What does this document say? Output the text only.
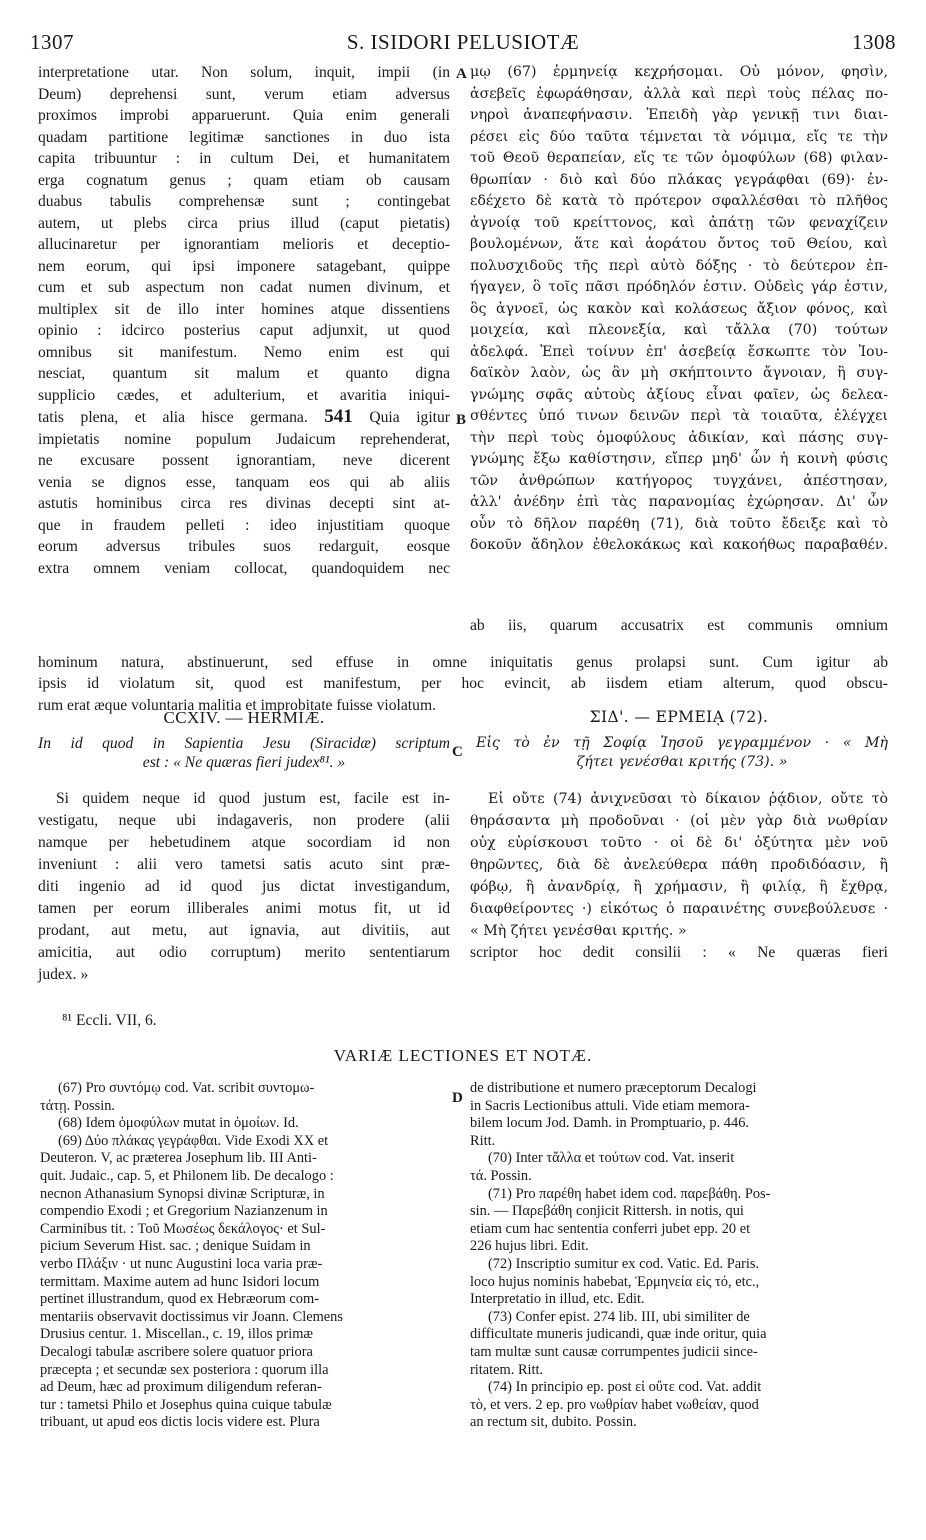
1307	S. ISIDORI PELUSIOTÆ	1308

interpretatione utar. Non solum, inquit, impii (in

Deum) deprehensi sunt, verum etiam adversus

proximos improbi apparuerunt. Quia enim generali

quadam partitione legitimæ sanctiones in duo ista

capita tribuuntur : in cultum Dei, et humanitatem

erga cognatum genus ; quam etiam ob causam

duabus tabulis comprehensæ sunt ; contingebat

autem, ut plebs circa prius illud (caput pietatis)

allucinaretur per ignorantiam melioris et deceptio-

nem eorum, qui ipsi imponere satagebant, quippe

cum et sub aspectum non cadat numen divinum, et

multiplex sit de illo inter homines atque dissentiens

opinio : idcirco posterius caput adjunxit, ut quod

omnibus sit manifestum. Nemo enim est qui

nesciat, quantum sit malum et quanto digna

supplicio cædes, et adulterium, et avaritia iniqui-

tatis plena, et alia hisce germana. 541 Quia igitur

impietatis nomine populum Judaicum reprehenderat,

ne excusare possent ignorantiam, neve dicerent

venia se dignos esse, tanquam eos qui ab aliis

astutis hominibus circa res divinas decepti sint at-

que in fraudem pelleti : ideo injustitiam quoque

eorum adversus tribules suos redarguit, eosque

extra omnem veniam collocat, quandoquidem nec

A
B
C
D

μῳ (67) ἑρμηνείᾳ κεχρήσομαι. Οὐ μόνον, φησὶν,

ἀσεβεῖς ἐφωράθησαν, ἀλλὰ καὶ περὶ τοὺς πέλας πο-

νηροὶ ἀναπεφήνασιν. Ἐπειδὴ γὰρ γενικῇ τινι διαι-

ρέσει εἰς δύο ταῦτα τέμνεται τὰ νόμιμα, εἴς τε τὴν

τοῦ Θεοῦ θεραπείαν, εἴς τε τῶν ὁμοφύλων (68) φιλαν-

θρωπίαν · διὸ καὶ δύο πλάκας γεγράφθαι (69)· ἐν-

εδέχετο δὲ κατὰ τὸ πρότερον σφαλλέσθαι τὸ πλῆθος

ἀγνοίᾳ τοῦ κρείττονος, καὶ ἀπάτῃ τῶν φεναχίζειν

βουλομένων, ἅτε καὶ ἀοράτου ὄντος τοῦ Θείου, καὶ

πολυσχιδοῦς τῆς περὶ αὐτὸ δόξης · τὸ δεύτερον ἐπ-

ήγαγεν, ὃ τοῖς πᾶσι πρόδηλόν ἐστιν. Οὐδεὶς γάρ ἐστιν,

ὃς ἀγνοεῖ, ὡς κακὸν καὶ κολάσεως ἄξιον φόνος, καὶ

μοιχεία, καὶ πλεονεξία, καὶ τἄλλα (70) τούτων

ἀδελφά. Ἐπεὶ τοίνυν ἐπ' ἀσεβείᾳ ἔσκωπτε τὸν Ἰου-

δαϊκὸν λαὸν, ὡς ἂν μὴ σκήπτοιντο ἄγνοιαν, ἢ συγ-

γνώμης σφᾶς αὐτοὺς ἀξίους εἶναι φαῖεν, ὡς δελεα-

σθέντες ὑπό τινων δεινῶν περὶ τὰ τοιαῦτα, ἐλέγχει

τὴν περὶ τοὺς ὁμοφύλους ἀδικίαν, καὶ πάσης συγ-

γνώμης ἔξω καθίστησιν, εἴπερ μηδ' ὧν ἡ κοινὴ φύσις

τῶν ἀνθρώπων κατήγορος τυγχάνει, ἀπέστησαν,

ἀλλ' ἀνέδην ἐπὶ τὰς παρανομίας ἐχώρησαν. Δι' ὧν

οὖν τὸ δῆλον παρέθη (71), διὰ τοῦτο ἔδειξε καὶ τὸ

δοκοῦν ἄδηλον ἐθελοκάκως καὶ κακοήθως παραβαθέν.

ab iis, quarum accusatrix est communis omnium

hominum natura, abstinuerunt, sed effuse in omne iniquitatis genus prolapsi sunt. Cum igitur ab

ipsis id violatum sit, quod est manifestum, per hoc evincit, ab iisdem etiam alterum, quod obscu-

rum erat æque voluntaria malitia et improbitate fuisse violatum.

CCXIV. — HERMIÆ.	ΣΙΔ'. — ΕΡΜΕΙᾼ (72).
In id quod in Sapientia Jesu (Siracidæ) scriptum
est : « Ne quæras fieri judex⁸¹. »
Εἰς τὸ ἐν τῇ Σοφίᾳ Ἰησοῦ γεγραμμένον · « Μὴ
ζήτει γενέσθαι κριτής (73). »

Si quidem neque id quod justum est, facile est in-

vestigatu, neque ubi indagaveris, non prodere (alii

namque per hebetudinem atque socordiam id non

inveniunt : alii vero tametsi satis acuto sint præ-

diti ingenio ad id quod jus dictat investigandum,

tamen per eorum illiberales animi motus fit, ut id

prodant, aut metu, aut ignavia, aut divitiis, aut

amicitia, aut odio corruptum) merito sententiarum

judex. »

Εἰ οὔτε (74) ἀνιχνεῦσαι τὸ δίκαιον ῥᾴδιον, οὔτε τὸ

θηράσαντα μὴ προδοῦναι · (οἱ μὲν γὰρ διὰ νωθρίαν

οὐχ εὑρίσκουσι τοῦτο · οἱ δὲ δι' ὀξύτητα μὲν νοῦ

θηρῶντες, διὰ δὲ ἀνελεύθερα πάθη προδιδόασιν, ἢ

φόβῳ, ἢ ἀνανδρίᾳ, ἢ χρήμασιν, ἢ φιλίᾳ, ἢ ἔχθρᾳ,

διαφθείροντες ·) εἰκότως ὁ παραινέτης συνεβούλευσε ·

« Μὴ ζήτει γενέσθαι κριτής. »

scriptor hoc dedit consilii : « Ne quæras fieri

⁸¹ Eccli. VII, 6.
VARIÆ LECTIONES ET NOTÆ.

(67) Pro συντόμῳ cod. Vat. scribit συντομω-

τάτῃ. Possin.

(68) Idem ὁμοφύλων mutat in ὁμοίων. Id.

(69) Δύο πλάκας γεγράφθαι. Vide Exodi XX et

Deuteron. V, ac præterea Josephum lib. III Anti-

quit. Judaic., cap. 5, et Philonem lib. De decalogo :

necnon Athanasium Synopsi divinæ Scripturæ, in

compendio Exodi ; et Gregorium Nazianzenum in

Carminibus tit. : Τοῦ Μωσέως δεκάλογος· et Sul-

picium Severum Hist. sac. ; denique Suidam in

verbo Πλάξιν · ut nunc Augustini loca varia præ-

termittam. Maxime autem ad hunc Isidori locum

pertinet illustrandum, quod ex Hebræorum com-

mentariis observavit doctissimus vir Joann. Clemens

Drusius centur. 1. Miscellan., c. 19, illos primæ

Decalogi tabulæ ascribere solere quatuor priora

præcepta ; et secundæ sex posteriora : quorum illa

ad Deum, hæc ad proximum diligendum referan-

tur : tametsi Philo et Josephus quina cuique tabulæ

tribuant, ut apud eos dictis locis videre est. Plura

de distributione et numero præceptorum Decalogi

in Sacris Lectionibus attuli. Vide etiam memora-

bilem locum Jod. Damh. in Promptuario, p. 446.

Ritt.

(70) Inter τἄλλα et τούτων cod. Vat. inserit

τά. Possin.

(71) Pro παρέθη habet idem cod. παρεβάθη. Pos-

sin. — Παρεβάθη conjicit Rittersh. in notis, qui

etiam cum hac sententia conferri jubet epp. 20 et

226 hujus libri. Edit.

(72) Inscriptio sumitur ex cod. Vatic. Ed. Paris.

loco hujus nominis habebat, Ἑρμηνεία εἰς τό, etc.,

Interpretatio in illud, etc. Edit.

(73) Confer epist. 274 lib. III, ubi similiter de

difficultate muneris judicandi, quæ inde oritur, quia

tam multæ sunt causæ corrumpentes judicii since-

ritatem. Ritt.

(74) In principio ep. post εἰ οὔτε cod. Vat. addit

τὸ, et vers. 2 ep. pro νωθρίαν habet νωθείαν, quod

an rectum sit, dubito. Possin.
